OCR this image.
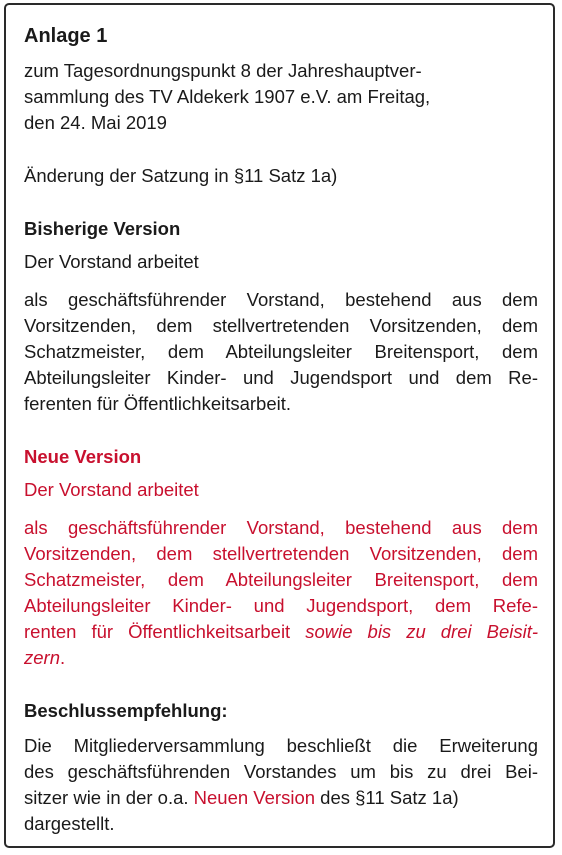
Anlage 1
zum Tagesordnungspunkt 8 der Jahreshauptver-
sammlung des TV Aldekerk 1907 e.V. am Freitag,
den 24. Mai 2019
Änderung der Satzung in §11 Satz 1a)
Bisherige Version
Der Vorstand arbeitet
als geschäftsführender Vorstand, bestehend aus dem
Vorsitzenden, dem stellvertretenden Vorsitzenden, dem
Schatzmeister, dem Abteilungsleiter Breitensport, dem
Abteilungsleiter Kinder- und Jugendsport und dem Re-
ferenten für Öffentlichkeitsarbeit.
Neue Version
Der Vorstand arbeitet
als geschäftsführender Vorstand, bestehend aus dem
Vorsitzenden, dem stellvertretenden Vorsitzenden, dem
Schatzmeister, dem Abteilungsleiter Breitensport, dem
Abteilungsleiter Kinder- und Jugendsport, dem Refe-
renten für Öffentlichkeitsarbeit sowie bis zu drei Beisit-
zern.
Beschlussempfehlung:
Die Mitgliederversammlung beschließt die Erweiterung
des geschäftsführenden Vorstandes um bis zu drei Bei-
sitzer wie in der o.a. Neuen Version des §11 Satz 1a)
dargestellt.
